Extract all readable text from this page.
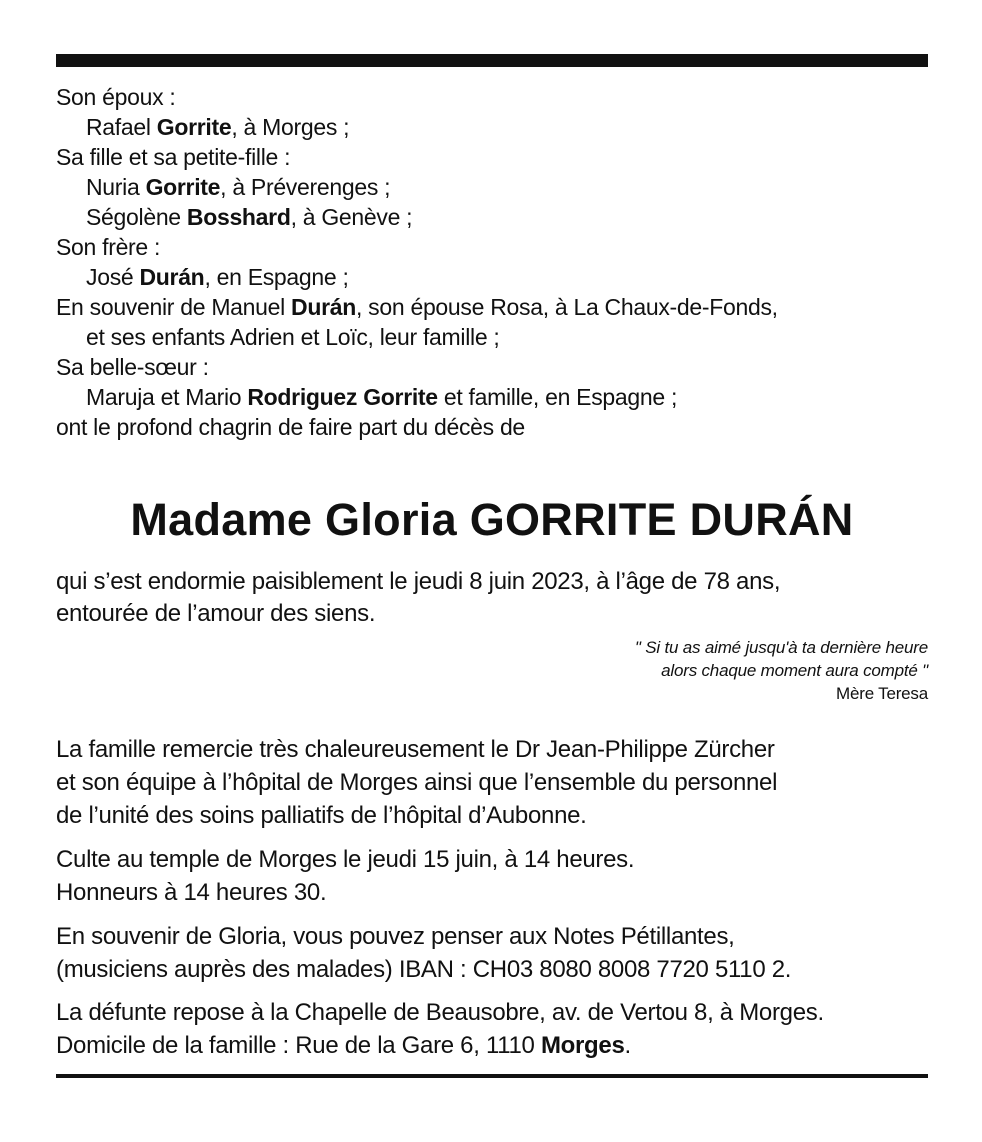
Son époux :
Rafael Gorrite, à Morges ;
Sa fille et sa petite-fille :
Nuria Gorrite, à Préverenges ;
Ségolène Bosshard, à Genève ;
Son frère :
José Durán, en Espagne ;
En souvenir de Manuel Durán, son épouse Rosa, à La Chaux-de-Fonds,
et ses enfants Adrien et Loïc, leur famille ;
Sa belle-sœur :
Maruja et Mario Rodriguez Gorrite et famille, en Espagne ;
ont le profond chagrin de faire part du décès de
Madame Gloria GORRITE DURÁN
qui s’est endormie paisiblement le jeudi 8 juin 2023, à l’âge de 78 ans,
entourée de l’amour des siens.
" Si tu as aimé jusqu'à ta dernière heure
alors chaque moment aura compté "
Mère Teresa
La famille remercie très chaleureusement le Dr Jean-Philippe Zürcher
et son équipe à l’hôpital de Morges ainsi que l’ensemble du personnel
de l’unité des soins palliatifs de l’hôpital d’Aubonne.
Culte au temple de Morges le jeudi 15 juin, à 14 heures.
Honneurs à 14 heures 30.
En souvenir de Gloria, vous pouvez penser aux Notes Pétillantes,
(musiciens auprès des malades) IBAN : CH03 8080 8008 7720 5110 2.
La défunte repose à la Chapelle de Beausobre, av. de Vertou 8, à Morges.
Domicile de la famille : Rue de la Gare 6, 1110 Morges.
